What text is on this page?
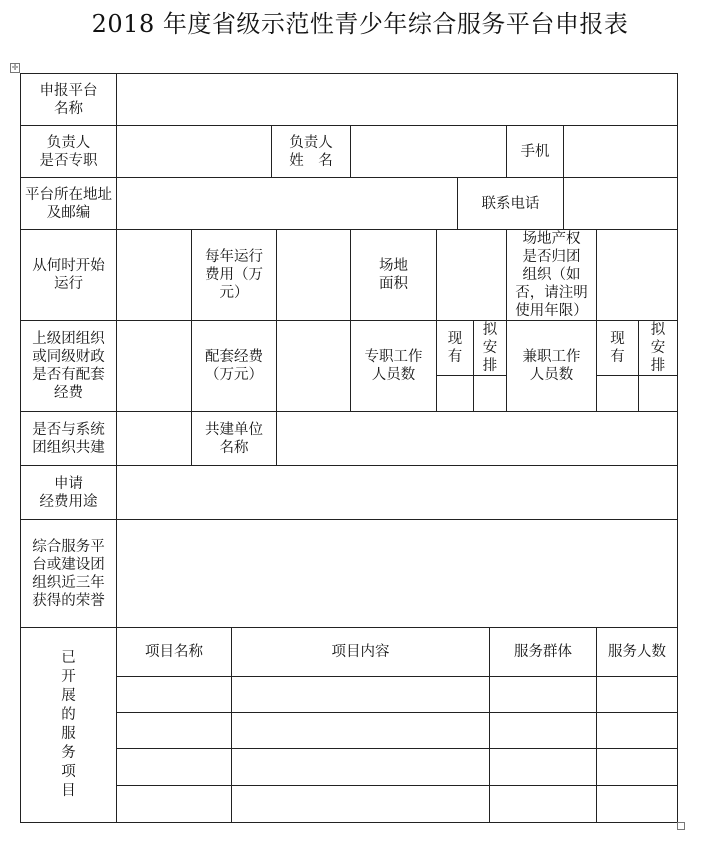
2018 年度省级示范性青少年综合服务平台申报表
✛
申报平台
名称
负责人
是否专职
负责人
姓　名
手机
平台所在地址
及邮编
联系电话
从何时开始
运行
每年运行
费用（万
元）
场地
面积
场地产权
是否归团
组织（如
否，请注明
使用年限）
上级团组织
或同级财政
是否有配套
经费
配套经费
（万元）
专职工作
人员数
现
有
拟
安
排
兼职工作
人员数
现
有
拟
安
排
是否与系统
团组织共建
共建单位
名称
申请
经费用途
综合服务平
台或建设团
组织近三年
获得的荣誉
已开展的服务项目
项目名称	项目内容	服务群体 服务人数
